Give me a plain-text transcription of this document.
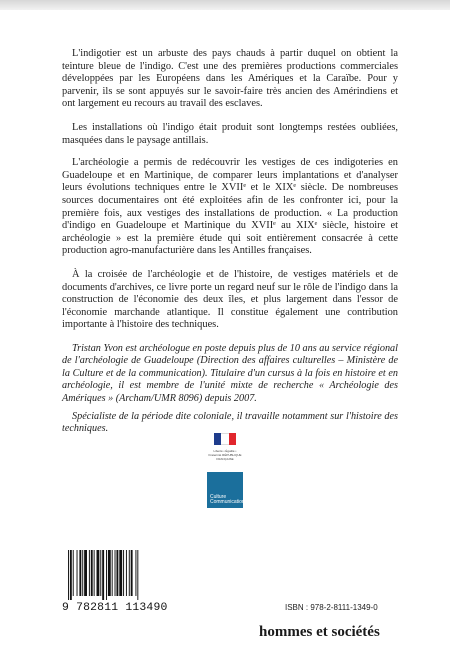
L'indigotier est un arbuste des pays chauds à partir duquel on obtient la teinture bleue de l'indigo. C'est une des premières productions commerciales développées par les Européens dans les Amériques et la Caraïbe. Pour y parvenir, ils se sont appuyés sur le savoir-faire très ancien des Amérindiens et ont largement eu recours au travail des esclaves.

Les installations où l'indigo était produit sont longtemps restées oubliées, masquées dans le paysage antillais.

L'archéologie a permis de redécouvrir les vestiges de ces indigoteries en Guadeloupe et en Martinique, de comparer leurs implantations et d'analyser leurs évolutions techniques entre le XVIIᵉ et le XIXᵉ siècle. De nombreuses sources documentaires ont été exploitées afin de les confronter ici, pour la première fois, aux vestiges des installations de production. « La production d'indigo en Guadeloupe et Martinique du XVIIᵉ au XIXᵉ siècle, histoire et archéologie » est la première étude qui soit entièrement consacrée à cette production agro-manufacturière dans les Antilles françaises.

À la croisée de l'archéologie et de l'histoire, de vestiges matériels et de documents d'archives, ce livre porte un regard neuf sur le rôle de l'indigo dans la construction de l'économie des deux îles, et plus largement dans l'essor de l'économie marchande atlantique. Il constitue également une contribution importante à l'histoire des techniques.

Tristan Yvon est archéologue en poste depuis plus de 10 ans au service régional de l'archéologie de Guadeloupe (Direction des affaires culturelles – Ministère de la Culture et de la communication). Titulaire d'un cursus à la fois en histoire et en archéologie, il est membre de l'unité mixte de recherche « Archéologie des Amériques » (Archam/UMR 8096) depuis 2007.

Spécialiste de la période dite coloniale, il travaille notamment sur l'histoire des techniques.

Liberté • Égalité • Fraternité RÉPUBLIQUE FRANÇAISE
Culture Communication
9 782811 113490	ISBN : 978-2-8111-1349-0
hommes et sociétés
